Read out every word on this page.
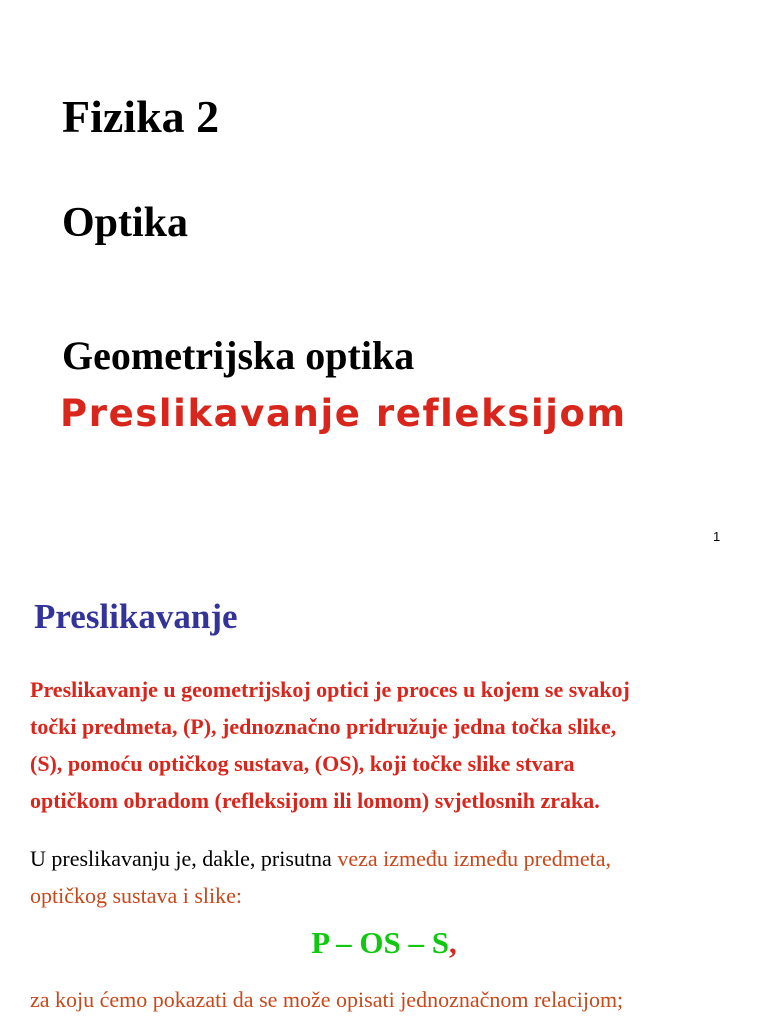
Fizika 2
Optika
Geometrijska optika
Preslikavanje refleksijom
1
Preslikavanje
Preslikavanje u geometrijskoj optici je proces u kojem se svakoj
točki predmeta, (P), jednoznačno pridružuje jedna točka slike,
(S), pomoću optičkog sustava, (OS), koji točke slike stvara
optičkom obradom (refleksijom ili lomom) svjetlosnih zraka.
U preslikavanju je, dakle, prisutna veza između između predmeta,
optičkog sustava i slike:
P – OS – S,
za koju ćemo pokazati da se može opisati jednoznačnom relacijom;
